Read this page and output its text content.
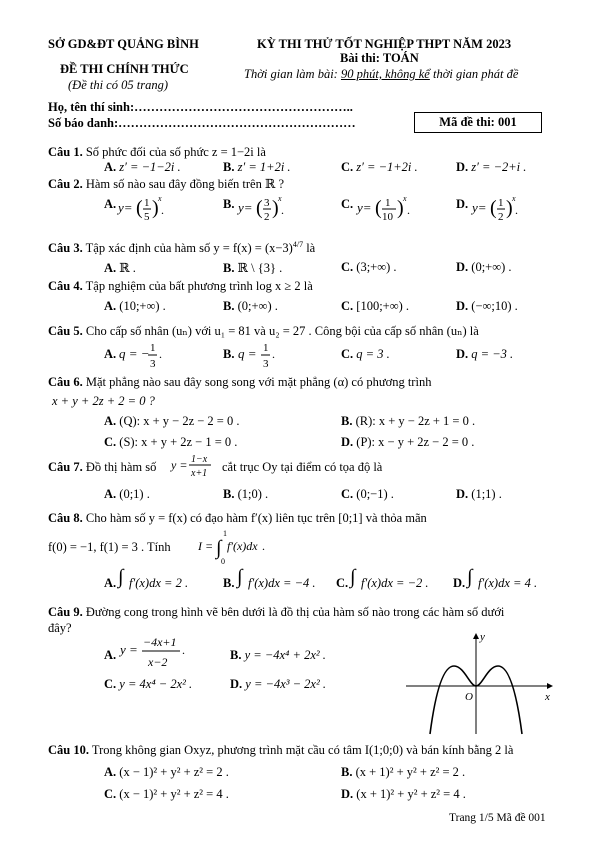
SỞ GD&ĐT QUẢNG BÌNH
ĐỀ THI CHÍNH THỨC
(Đề thi có 05 trang)
KỲ THI THỬ TỐT NGHIỆP THPT NĂM 2023
Bài thi: TOÁN
Thời gian làm bài: 90 phút, không kể thời gian phát đề
Họ, tên thí sinh:……………………………………………..
Số báo danh:…………………………………………………	Mã đề thi: 001
Câu 1. Số phức đối của số phức z = 1−2i là
A. z′ = −1−2i .	B. z′ = 1+2i .	C. z′ = −1+2i .	D. z′ = −2+i .
Câu 2. Hàm số nào sau đây đồng biến trên ℝ ?
A. y= ( 1
5 ) x
.	B. y= ( 3
2 ) x
.	C. y= ( 1
10 ) x
.	D. y= ( 1
2 ) x
.
Câu 3. Tập xác định của hàm số $y = f(x) = (x-3)^{4/7}$ là
A. ℝ .	B. ℝ \ {3} .	C. (3;+∞) .	D. (0;+∞) .
Câu 4. Tập nghiệm của bất phương trình log x ≥ 2 là
A. (10;+∞) .	B. (0;+∞) .	C. [100;+∞) .	D. (−∞;10) .
Câu 5. Cho cấp số nhân (uₙ) với u₁ = 81 và u₂ = 27 . Công bội của cấp số nhân (uₙ) là
A. q = − 1
3
.	B. q = 1
3
.	C. q = 3 .	D. q = −3 .
Câu 6. Mặt phẳng nào sau đây song song với mặt phẳng (α) có phương trình
x + y + 2z + 2 = 0 ?
A. (Q): x + y − 2z − 2 = 0 .	B. (R): x + y − 2z + 1 = 0 .
C. (S): x + y + 2z − 1 = 0 .	D. (P): x − y + 2z − 2 = 0 .
Câu 7. Đồ thị hàm số y = 1−x
x+1 cắt trục Oy tại điểm có tọa độ là
A. (0;1) .	B. (1;0) .	C. (0;−1) .	D. (1;1) .
Câu 8. Cho hàm số y = f(x) có đạo hàm f′(x) liên tục trên [0;1] và thỏa mãn
f(0) = −1, f(1) = 3 . Tính I = ∫
1
0
f′(x)dx .
A. ∫ f′(x)dx = 2 .	B. ∫ f′(x)dx = −4 . C. ∫ f′(x)dx = −2 . D. ∫ f′(x)dx = 4 .
Câu 9. Đường cong trong hình vẽ bên dưới là đồ thị của hàm số nào trong các hàm số dưới
đây?
A. y = −4x+1
x−2
.	B. y = −4x⁴ + 2x² .
C. y = 4x⁴ − 2x² .	D. y = −4x³ − 2x² .
x
y
O
Câu 10. Trong không gian Oxyz, phương trình mặt cầu có tâm I(1;0;0) và bán kính bằng 2 là
A. (x − 1)² + y² + z² = 2 .	B. (x + 1)² + y² + z² = 2 .
C. (x − 1)² + y² + z² = 4 .	D. (x + 1)² + y² + z² = 4 .
Trang 1/5 Mã đề 001
